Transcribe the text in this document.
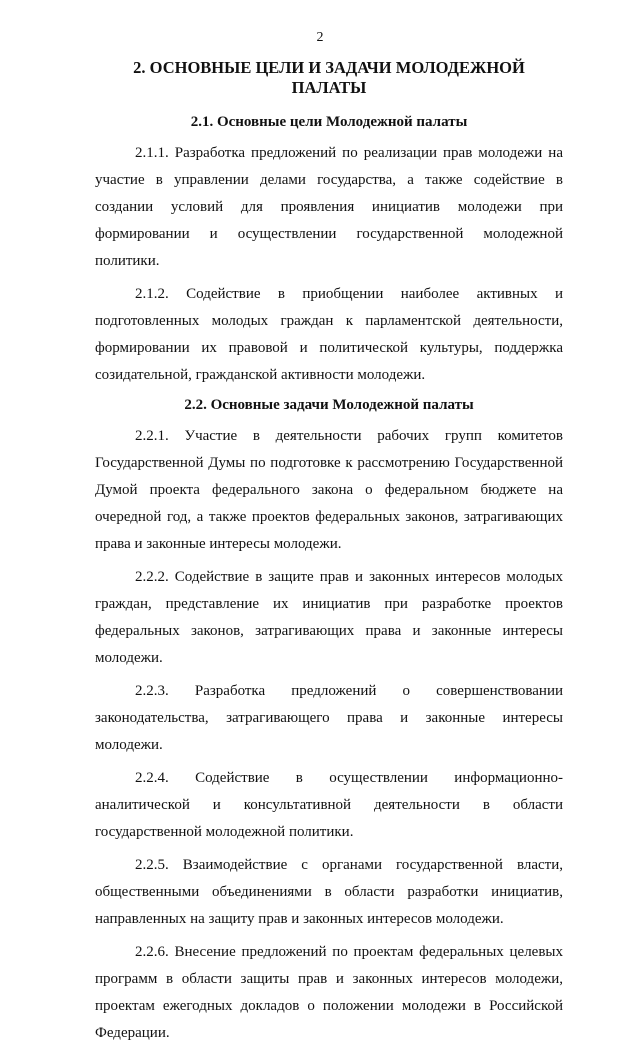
2
2. ОСНОВНЫЕ ЦЕЛИ И ЗАДАЧИ МОЛОДЕЖНОЙ ПАЛАТЫ
2.1. Основные цели Молодежной палаты

2.1.1. Разработка предложений по реализации прав молодежи на участие в управлении делами государства, а также содействие в создании условий для проявления инициатив молодежи при формировании и осуществлении государственной молодежной политики.

2.1.2. Содействие в приобщении наиболее активных и подготовленных молодых граждан к парламентской деятельности, формировании их правовой и политической культуры, поддержка созидательной, гражданской активности молодежи.

2.2. Основные задачи Молодежной палаты

2.2.1. Участие в деятельности рабочих групп комитетов Государственной Думы по подготовке к рассмотрению Государственной Думой проекта федерального закона о федеральном бюджете на очередной год, а также проектов федеральных законов, затрагивающих права и законные интересы молодежи.

2.2.2. Содействие в защите прав и законных интересов молодых граждан, представление их инициатив при разработке проектов федеральных законов, затрагивающих права и законные интересы молодежи.

2.2.3. Разработка предложений о совершенствовании законодательства, затрагивающего права и законные интересы молодежи.

2.2.4. Содействие в осуществлении информационно-аналитической и консультативной деятельности в области государственной молодежной политики.

2.2.5. Взаимодействие с органами государственной власти, общественными объединениями в области разработки инициатив, направленных на защиту прав и законных интересов молодежи.

2.2.6. Внесение предложений по проектам федеральных целевых программ в области защиты прав и законных интересов молодежи, проектам ежегодных докладов о положении молодежи в Российской Федерации.
